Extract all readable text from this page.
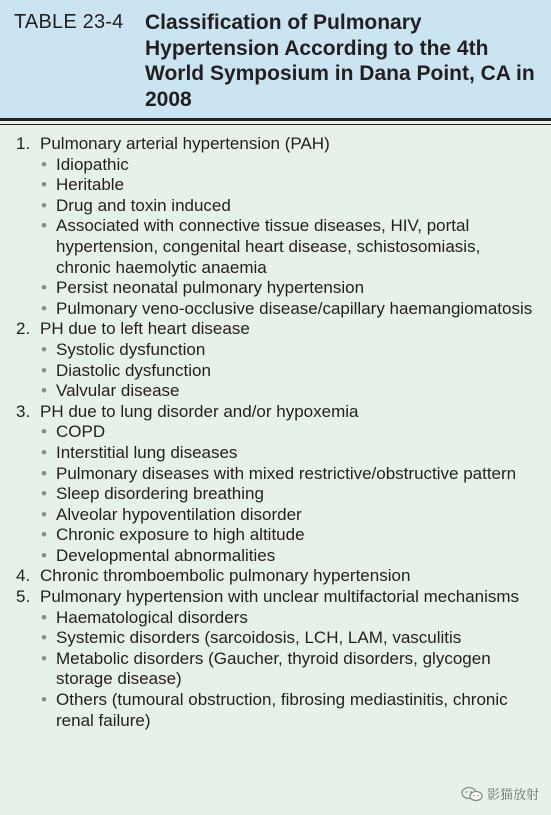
TABLE 23-4 Classification of Pulmonary Hypertension According to the 4th World Symposium in Dana Point, CA in 2008
1. Pulmonary arterial hypertension (PAH)
• Idiopathic
• Heritable
• Drug and toxin induced
• Associated with connective tissue diseases, HIV, portal hypertension, congenital heart disease, schistosomiasis, chronic haemolytic anaemia
• Persist neonatal pulmonary hypertension
• Pulmonary veno-occlusive disease/capillary haemangiomatosis
2. PH due to left heart disease
• Systolic dysfunction
• Diastolic dysfunction
• Valvular disease
3. PH due to lung disorder and/or hypoxemia
• COPD
• Interstitial lung diseases
• Pulmonary diseases with mixed restrictive/obstructive pattern
• Sleep disordering breathing
• Alveolar hypoventilation disorder
• Chronic exposure to high altitude
• Developmental abnormalities
4. Chronic thromboembolic pulmonary hypertension
5. Pulmonary hypertension with unclear multifactorial mechanisms
• Haematological disorders
• Systemic disorders (sarcoidosis, LCH, LAM, vasculitis
• Metabolic disorders (Gaucher, thyroid disorders, glycogen storage disease)
• Others (tumoural obstruction, fibrosing mediastinitis, chronic renal failure)
影猫放射
